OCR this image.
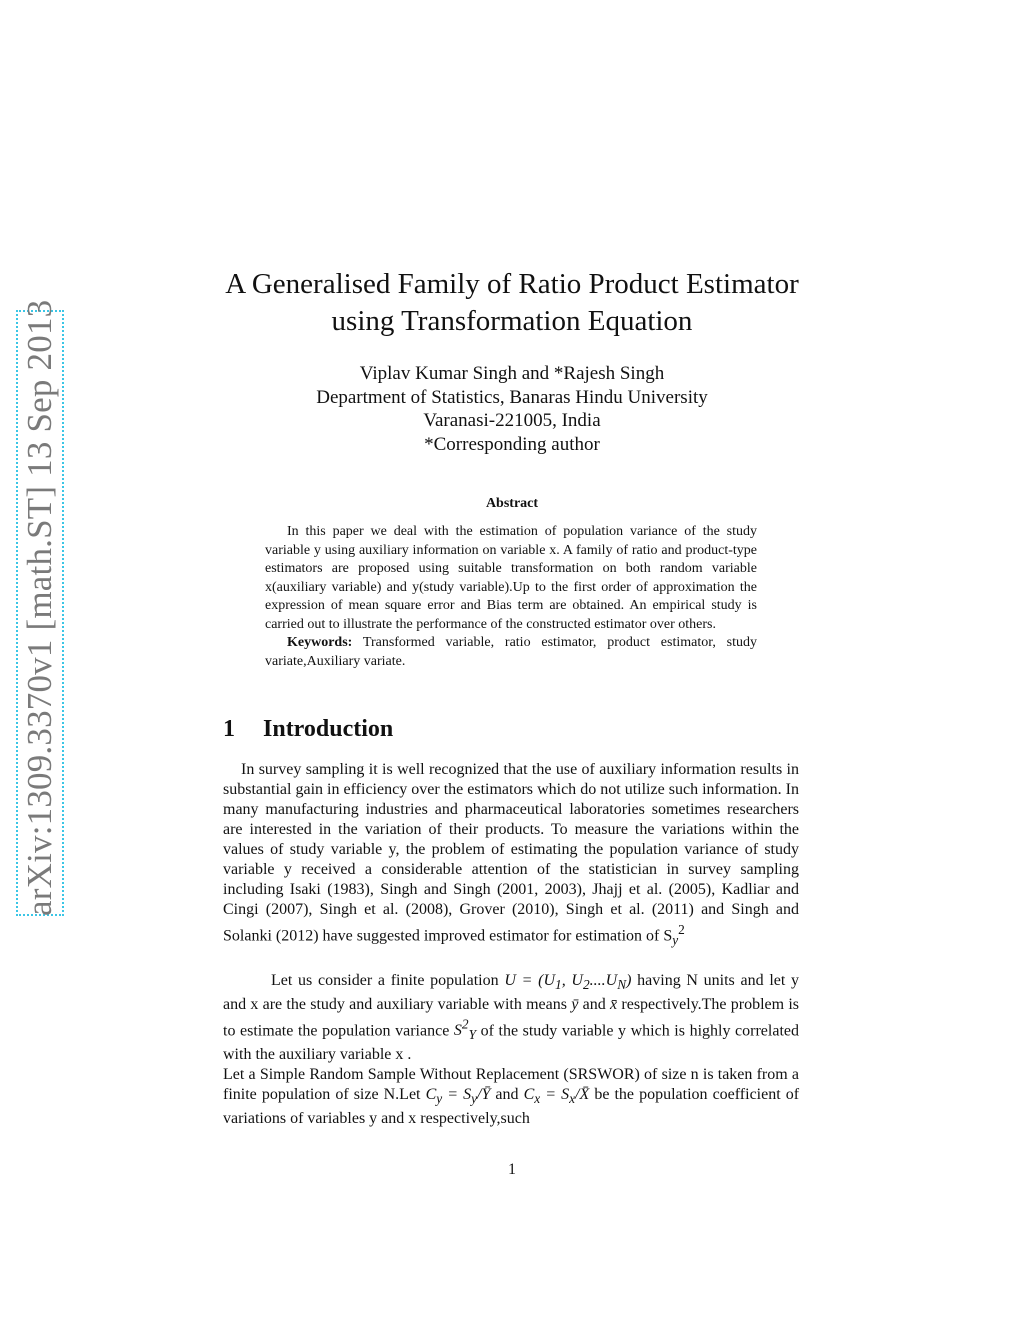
arXiv:1309.3370v1 [math.ST] 13 Sep 2013
A Generalised Family of Ratio Product Estimator
using Transformation Equation
Viplav Kumar Singh and *Rajesh Singh
Department of Statistics, Banaras Hindu University
Varanasi-221005, India
*Corresponding author
Abstract

In this paper we deal with the estimation of population variance of the study variable y using auxiliary information on variable x. A family of ratio and product-type estimators are proposed using suitable transformation on both random variable x(auxiliary variable) and y(study variable).Up to the first order of approximation the expression of mean square error and Bias term are obtained. An empirical study is carried out to illustrate the performance of the constructed estimator over others.

Keywords: Transformed variable, ratio estimator, product estimator, study variate,Auxiliary variate.

1 Introduction

In survey sampling it is well recognized that the use of auxiliary information results in substantial gain in efficiency over the estimators which do not utilize such information. In many manufacturing industries and pharmaceutical laboratories sometimes researchers are interested in the variation of their products. To measure the variations within the values of study variable y, the problem of estimating the population variance of study variable y received a considerable attention of the statistician in survey sampling including Isaki (1983), Singh and Singh (2001, 2003), Jhajj et al. (2005), Kadliar and Cingi (2007), Singh et al. (2008), Grover (2010), Singh et al. (2011) and Singh and Solanki (2012) have suggested improved estimator for estimation of $S_y^2$

Let us consider a finite population $U = (U_1$, $U_2....U_N$) having N units and let y and x are the study and auxiliary variable with means ȳ and x̄ respectively.The problem is to estimate the population variance $S^2_Y$ of the study variable y which is highly correlated with the auxiliary variable x .

Let a Simple Random Sample Without Replacement (SRSWOR) of size n is taken from a finite population of size N.Let $C_y$ = $S_y/Ȳ$ and $C_x$ = $S_x/X̄$ be the population coefficient of variations of variables y and x respectively,such

1
